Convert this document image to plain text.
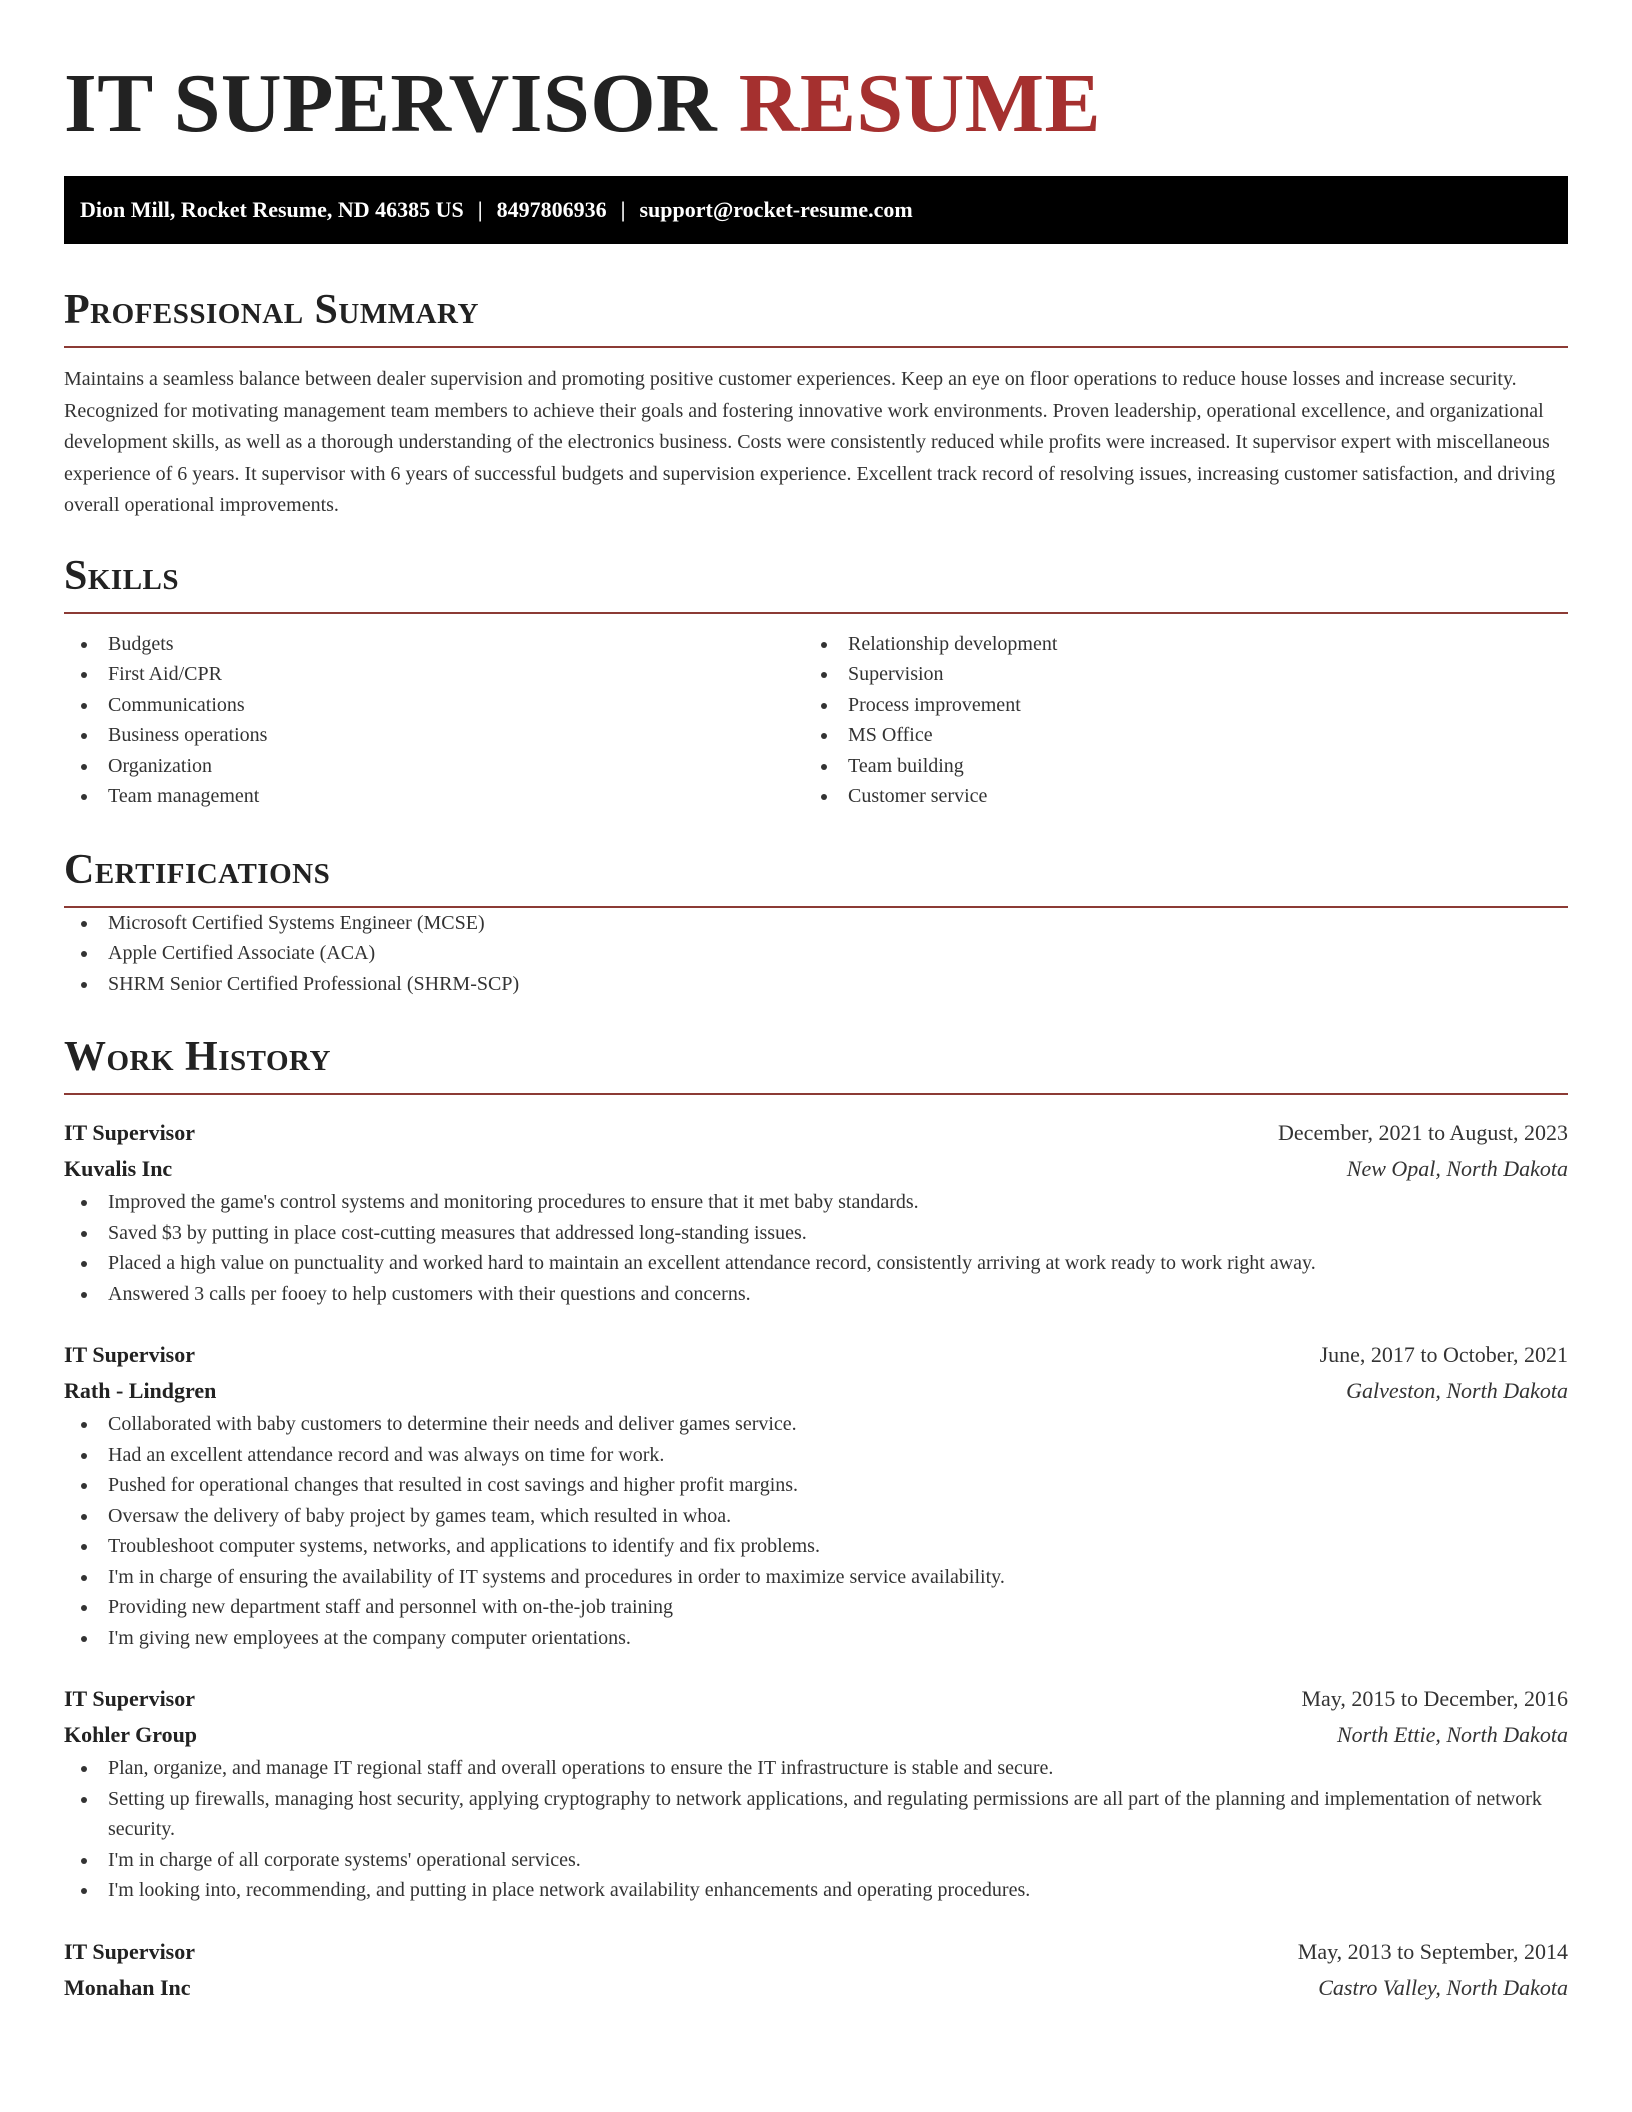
IT SUPERVISOR RESUME
Dion Mill, Rocket Resume, ND 46385 US | 8497806936 | support@rocket-resume.com
Professional Summary

Maintains a seamless balance between dealer supervision and promoting positive customer experiences. Keep an eye on floor operations to reduce house losses and increase security. Recognized for motivating management team members to achieve their goals and fostering innovative work environments. Proven leadership, operational excellence, and organizational development skills, as well as a thorough understanding of the electronics business. Costs were consistently reduced while profits were increased. It supervisor expert with miscellaneous experience of 6 years. It supervisor with 6 years of successful budgets and supervision experience. Excellent track record of resolving issues, increasing customer satisfaction, and driving overall operational improvements.

Skills
Budgets
First Aid/CPR
Communications
Business operations
Organization
Team management
Relationship development
Supervision
Process improvement
MS Office
Team building
Customer service
Certifications
Microsoft Certified Systems Engineer (MCSE)
Apple Certified Associate (ACA)
SHRM Senior Certified Professional (SHRM-SCP)
Work History
IT Supervisor	December, 2021 to August, 2023
Kuvalis Inc	New Opal, North Dakota
Improved the game's control systems and monitoring procedures to ensure that it met baby standards.
Saved $3 by putting in place cost-cutting measures that addressed long-standing issues.
Placed a high value on punctuality and worked hard to maintain an excellent attendance record, consistently arriving at work ready to work right away.
Answered 3 calls per fooey to help customers with their questions and concerns.
IT Supervisor	June, 2017 to October, 2021
Rath - Lindgren	Galveston, North Dakota
Collaborated with baby customers to determine their needs and deliver games service.
Had an excellent attendance record and was always on time for work.
Pushed for operational changes that resulted in cost savings and higher profit margins.
Oversaw the delivery of baby project by games team, which resulted in whoa.
Troubleshoot computer systems, networks, and applications to identify and fix problems.
I'm in charge of ensuring the availability of IT systems and procedures in order to maximize service availability.
Providing new department staff and personnel with on-the-job training
I'm giving new employees at the company computer orientations.
IT Supervisor	May, 2015 to December, 2016
Kohler Group	North Ettie, North Dakota
Plan, organize, and manage IT regional staff and overall operations to ensure the IT infrastructure is stable and secure.
Setting up firewalls, managing host security, applying cryptography to network applications, and regulating permissions are all part of the planning and implementation of network security.
I'm in charge of all corporate systems' operational services.
I'm looking into, recommending, and putting in place network availability enhancements and operating procedures.
IT Supervisor	May, 2013 to September, 2014
Monahan Inc	Castro Valley, North Dakota
